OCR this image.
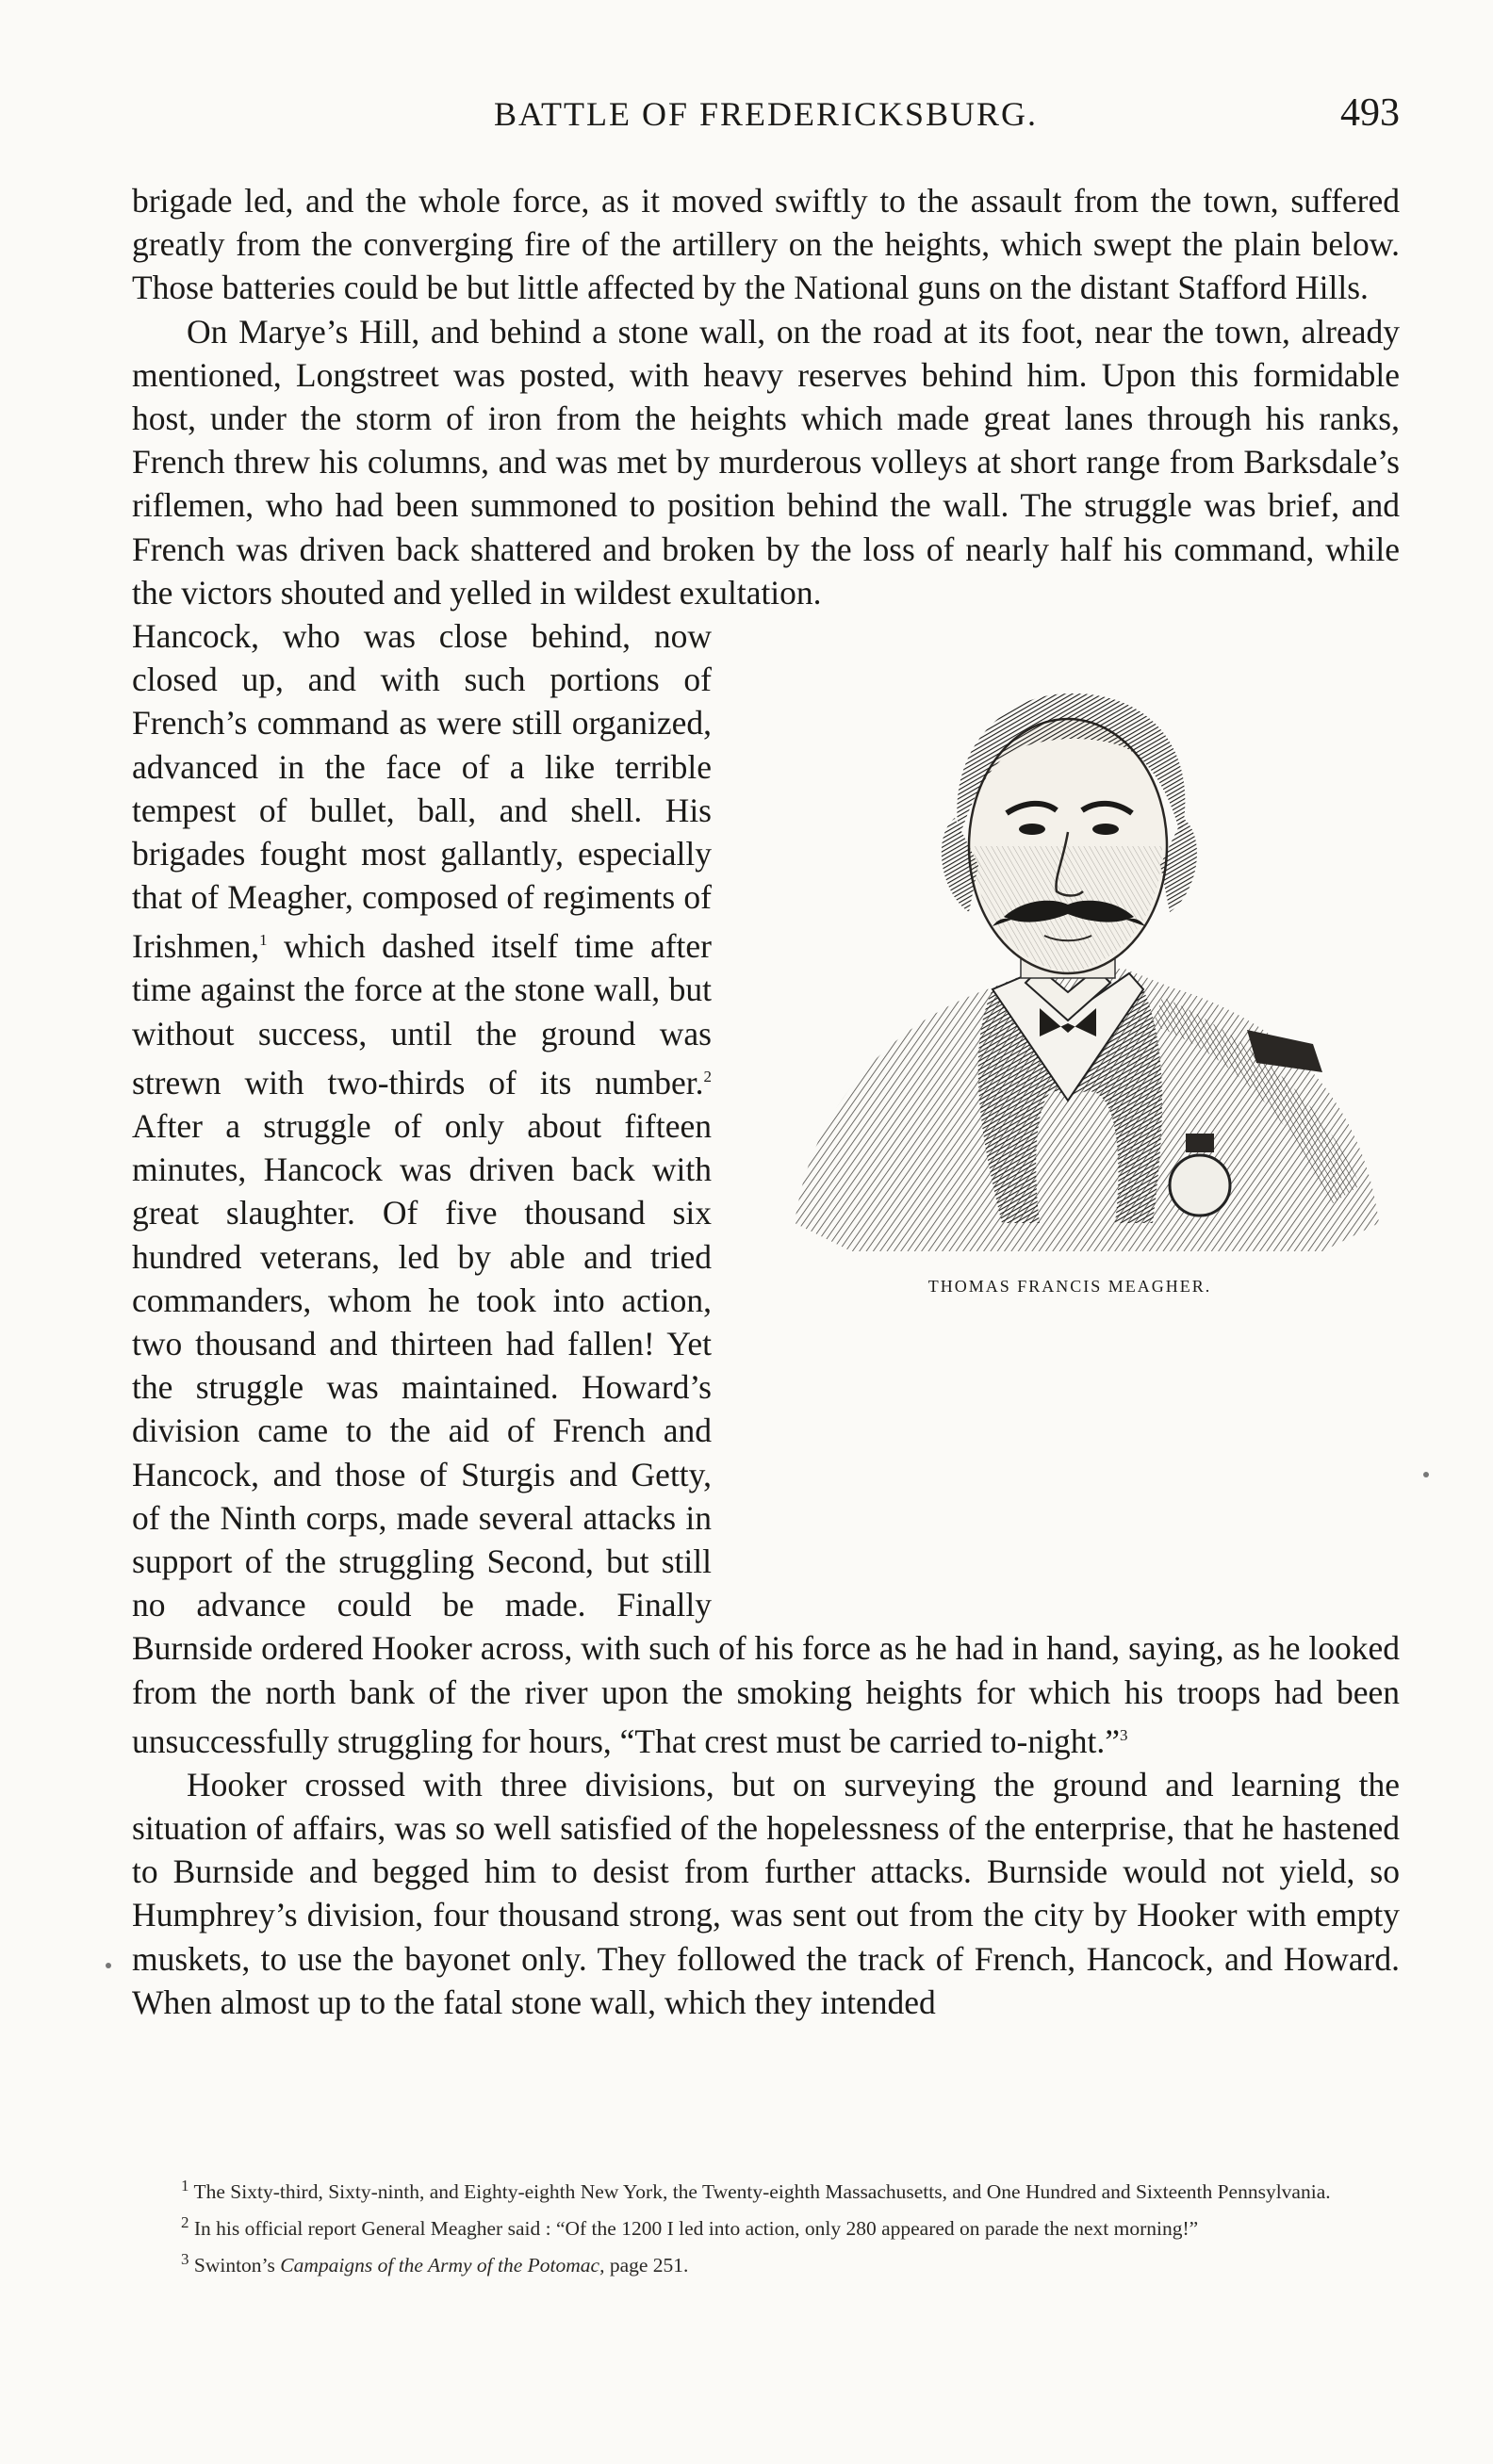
BATTLE OF FREDERICKSBURG.	493

brigade led, and the whole force, as it moved swiftly to the assault from the town, suffered greatly from the converging fire of the artillery on the heights, which swept the plain below. Those batteries could be but little affected by the National guns on the distant Stafford Hills.

On Marye’s Hill, and behind a stone wall, on the road at its foot, near the town, already mentioned, Longstreet was posted, with heavy reserves behind him. Upon this formidable host, under the storm of iron from the heights which made great lanes through his ranks, French threw his columns, and was met by murderous volleys at short range from Barksdale’s riflemen, who had been summoned to position behind the wall. The struggle was brief, and French was driven back shattered and broken by the loss of nearly half his command, while the victors shouted and yelled in wildest exultation.

THOMAS FRANCIS MEAGHER.
Hancock, who was close behind, now closed up, and with such portions of French’s command as were still organized, advanced in the face of a like terrible tempest of bullet, ball, and shell. His brigades fought most gallantly, especially that of Meagher, composed of regiments of Irishmen,$^1$ which dashed itself time after time against the force at the stone wall, but without success, until the ground was strewn with two-thirds of its number.$^2$ After a struggle of only about fifteen minutes, Hancock was driven back with great slaughter. Of five thousand six hundred veterans, led by able and tried commanders, whom he took into action, two thousand and thirteen had fallen! Yet the struggle was maintained. Howard’s division came to the aid of French and Hancock, and those of Sturgis and Getty, of the Ninth corps, made several attacks in support of the struggling Second, but still no advance could be made. Finally Burnside ordered Hooker across, with such of his force as he had in hand, saying, as he looked from the north bank of the river upon the smoking heights for which his troops had been unsuccessfully struggling for hours, “That crest must be carried to-night.”$^3$

Hooker crossed with three divisions, but on surveying the ground and learning the situation of affairs, was so well satisfied of the hopelessness of the enterprise, that he hastened to Burnside and begged him to desist from further attacks. Burnside would not yield, so Humphrey’s division, four thousand strong, was sent out from the city by Hooker with empty muskets, to use the bayonet only. They followed the track of French, Hancock, and Howard. When almost up to the fatal stone wall, which they intended

$^1$ The Sixty-third, Sixty-ninth, and Eighty-eighth New York, the Twenty-eighth Massachusetts, and One Hundred and Sixteenth Pennsylvania.

$^2$ In his official report General Meagher said : “Of the 1200 I led into action, only 280 appeared on parade the next morning!”

$^3$ Swinton’s Campaigns of the Army of the Potomac, page 251.
